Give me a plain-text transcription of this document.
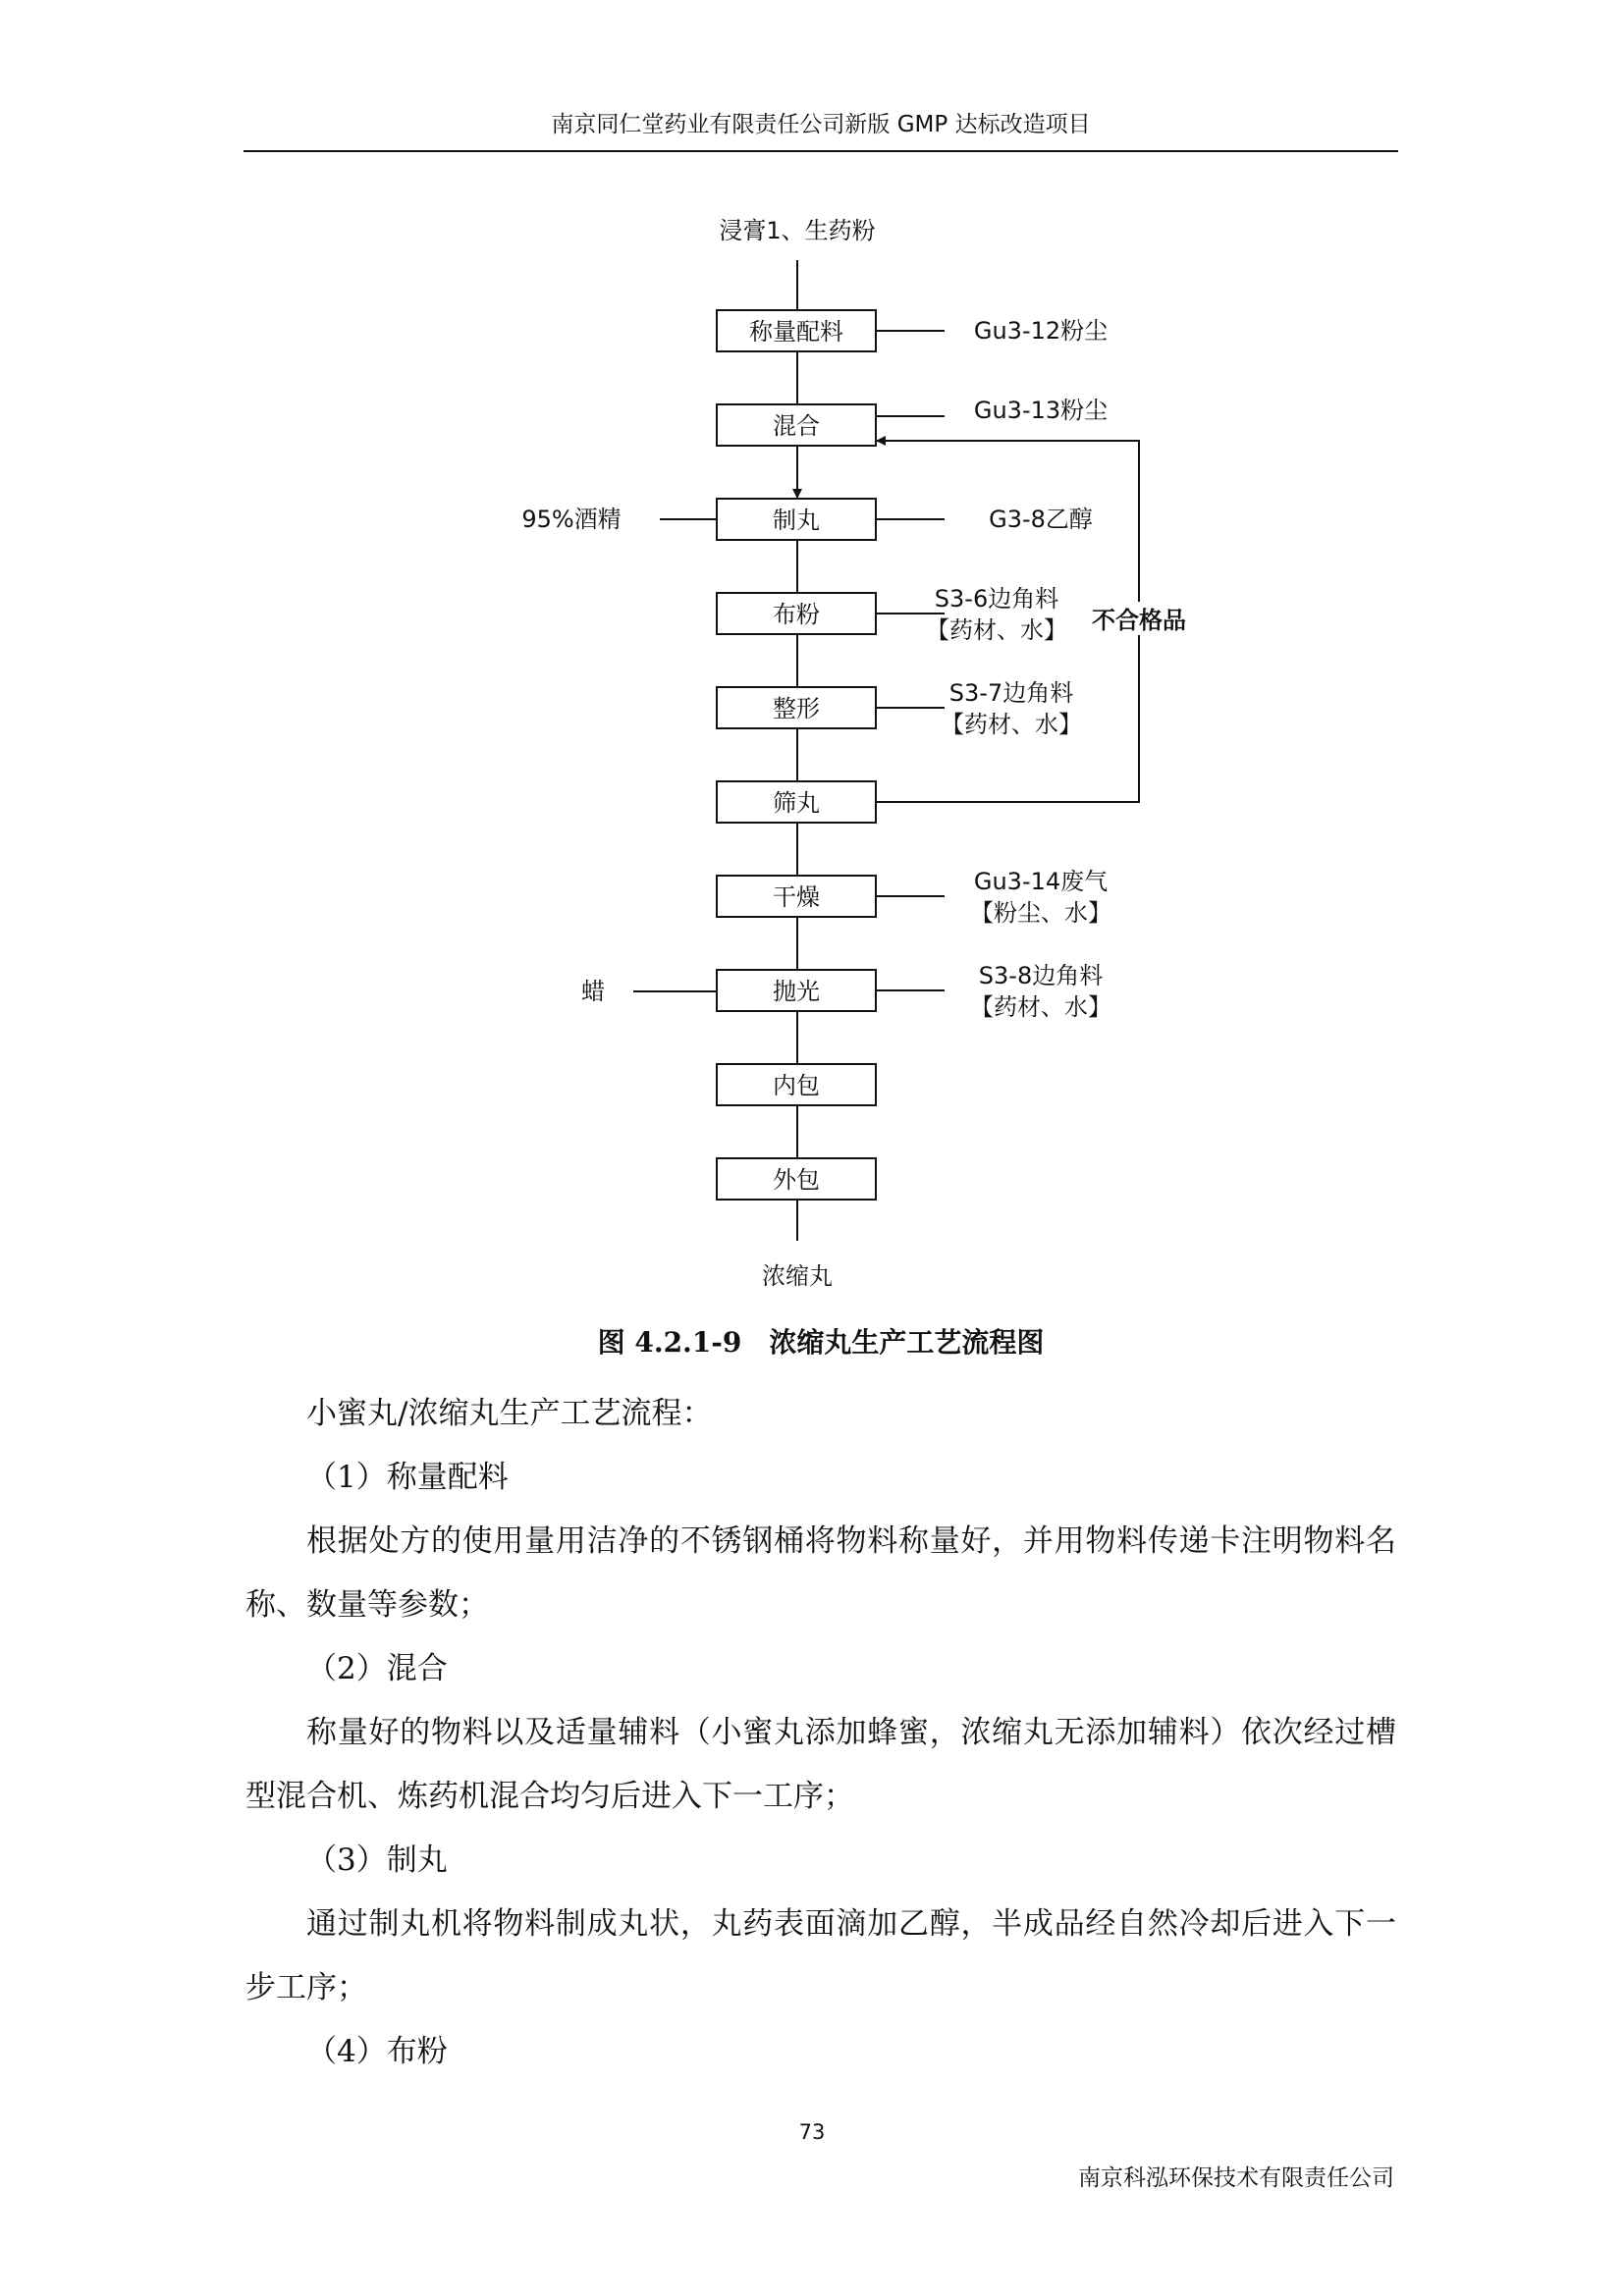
南京同仁堂药业有限责任公司新版 GMP 达标改造项目
浸膏1、生药粉
称量配料
混合
制丸
布粉
整形
筛丸
干燥
抛光
内包
外包
浓缩丸
95%酒精
蜡
Gu3-12粉尘
Gu3-13粉尘
G3-8乙醇
S3-6边角料
【药材、水】
S3-7边角料
【药材、水】
Gu3-14废气
【粉尘、水】
S3-8边角料
【药材、水】
不合格品
图 4.2.1-9　浓缩丸生产工艺流程图

小蜜丸/浓缩丸生产工艺流程：

（1）称量配料

根据处方的使用量用洁净的不锈钢桶将物料称量好，并用物料传递卡注明物料名称、数量等参数；

（2）混合

称量好的物料以及适量辅料（小蜜丸添加蜂蜜，浓缩丸无添加辅料）依次经过槽型混合机、炼药机混合均匀后进入下一工序；

（3）制丸

通过制丸机将物料制成丸状，丸药表面滴加乙醇，半成品经自然冷却后进入下一步工序；

（4）布粉

73
南京科泓环保技术有限责任公司
